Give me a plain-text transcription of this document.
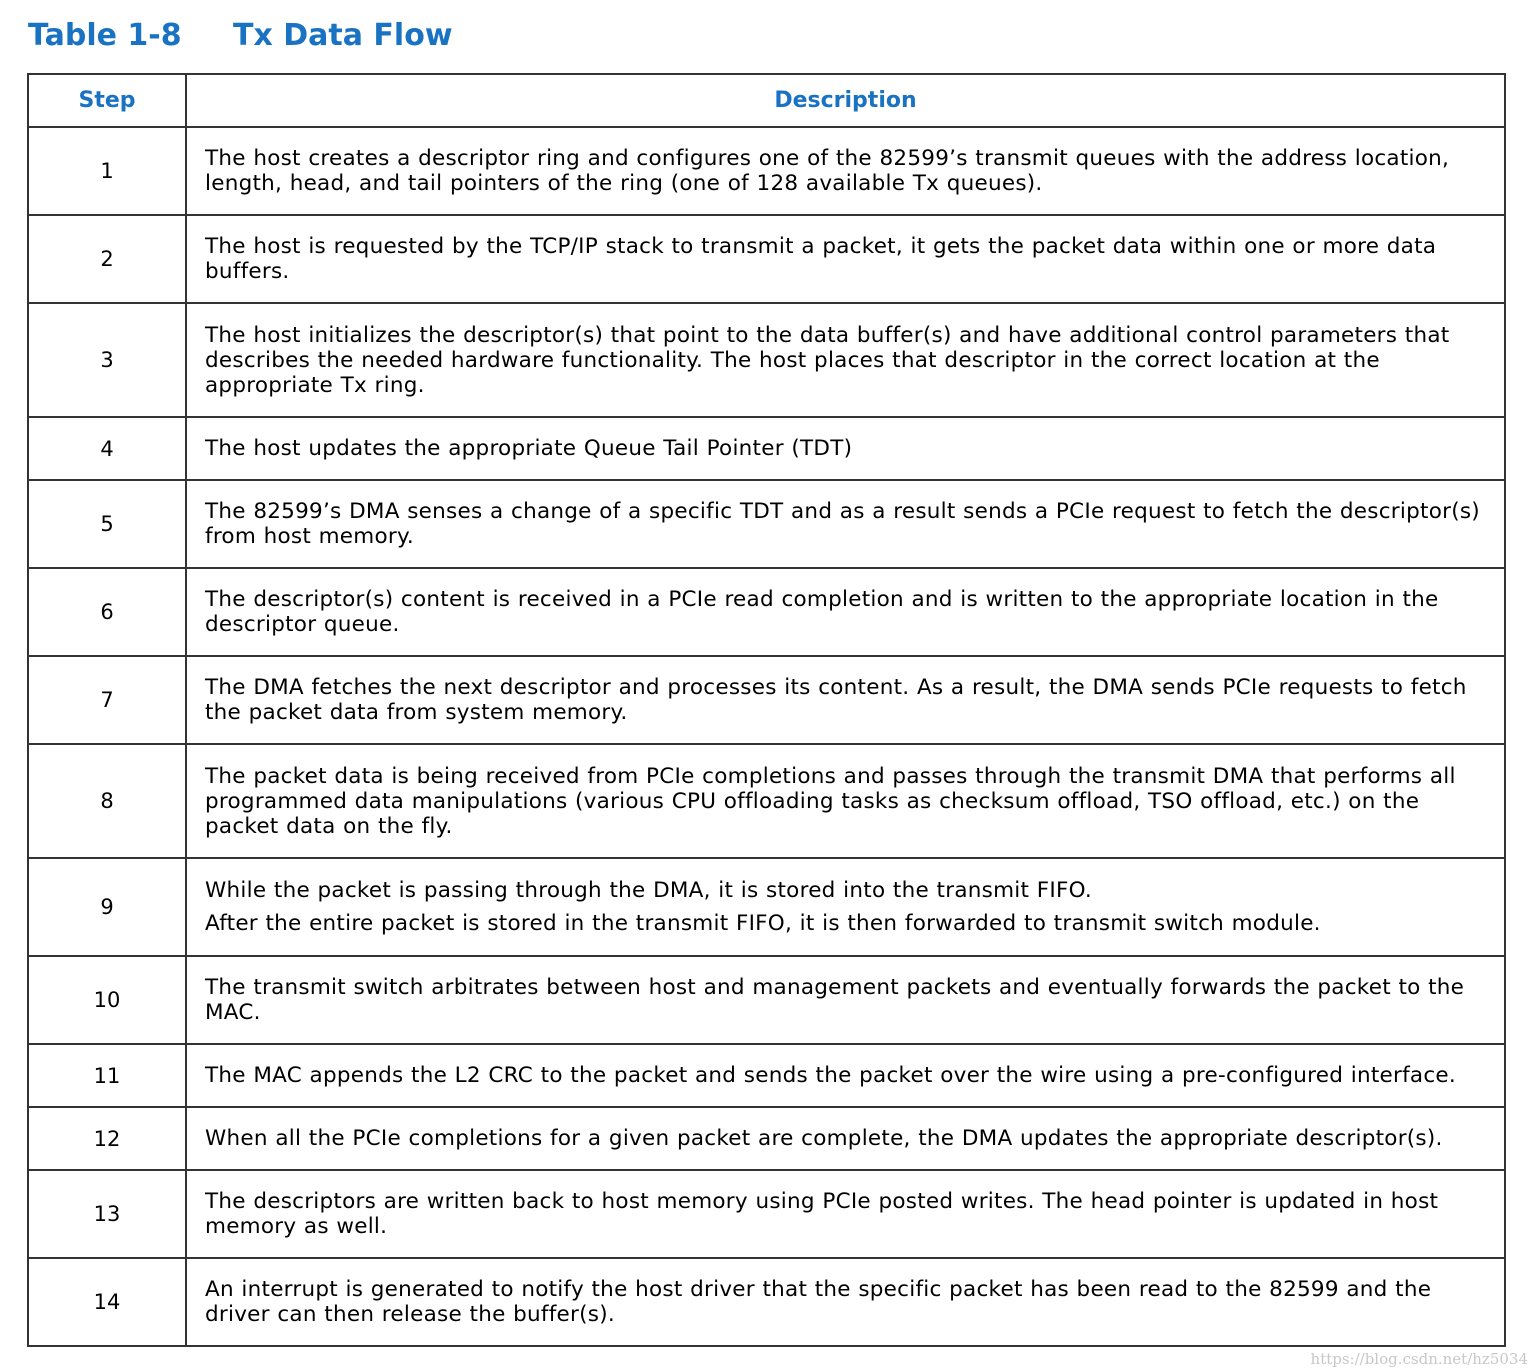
Table 1-8	Tx Data Flow
Step	Description
1	The host creates a descriptor ring and configures one of the 82599’s transmit queues with the address location, length, head, and tail pointers of the ring (one of 128 available Tx queues).
2	The host is requested by the TCP/IP stack to transmit a packet, it gets the packet data within one or more data buffers.
3	The host initializes the descriptor(s) that point to the data buffer(s) and have additional control parameters that describes the needed hardware functionality. The host places that descriptor in the correct location at the appropriate Tx ring.
4	The host updates the appropriate Queue Tail Pointer (TDT)
5	The 82599’s DMA senses a change of a specific TDT and as a result sends a PCIe request to fetch the descriptor(s) from host memory.
6	The descriptor(s) content is received in a PCIe read completion and is written to the appropriate location in the descriptor queue.
7	The DMA fetches the next descriptor and processes its content. As a result, the DMA sends PCIe requests to fetch the packet data from system memory.
8	The packet data is being received from PCIe completions and passes through the transmit DMA that performs all programmed data manipulations (various CPU offloading tasks as checksum offload, TSO offload, etc.) on the packet data on the fly.
9	While the packet is passing through the DMA, it is stored into the transmit FIFO.

After the entire packet is stored in the transmit FIFO, it is then forwarded to transmit switch module.

10	The transmit switch arbitrates between host and management packets and eventually forwards the packet to the MAC.
11	The MAC appends the L2 CRC to the packet and sends the packet over the wire using a pre-configured interface.
12	When all the PCIe completions for a given packet are complete, the DMA updates the appropriate descriptor(s).
13	The descriptors are written back to host memory using PCIe posted writes. The head pointer is updated in host memory as well.
14	An interrupt is generated to notify the host driver that the specific packet has been read to the 82599 and the driver can then release the buffer(s).
https://blog.csdn.net/hz5034
